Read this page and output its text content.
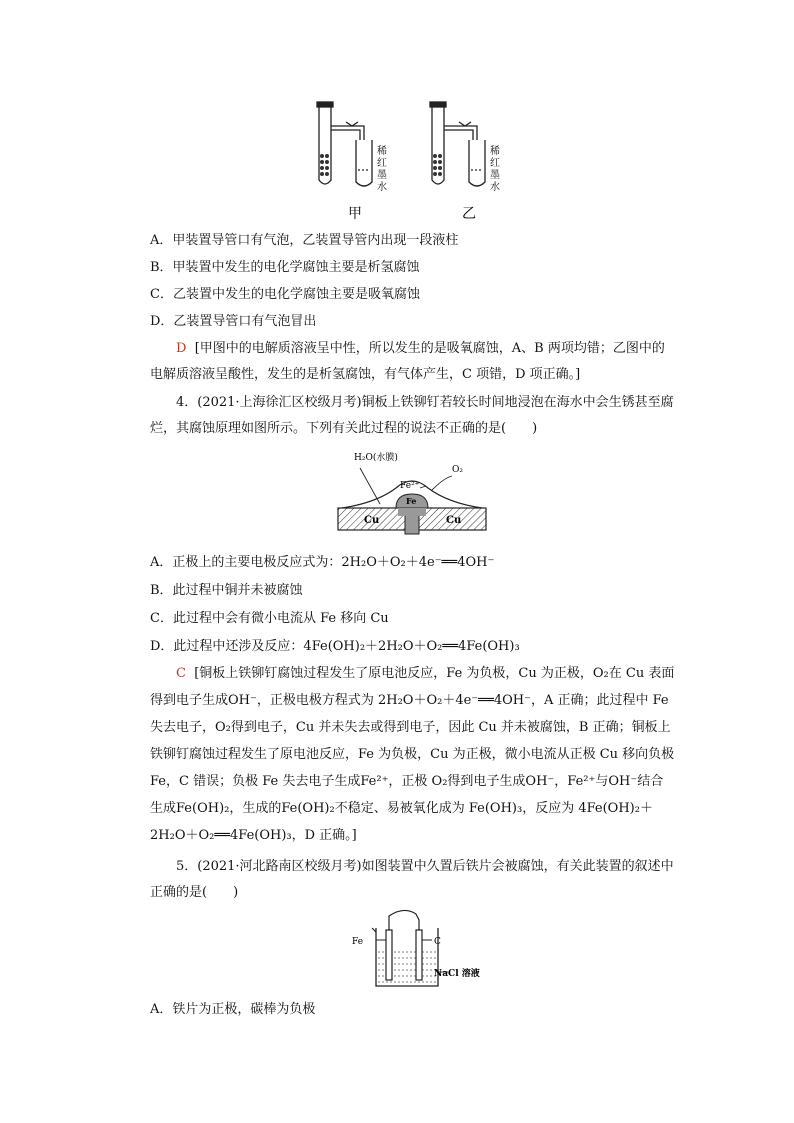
稀
红
墨
水
稀
红
墨
水
甲	乙
A．甲装置导管口有气泡，乙装置导管内出现一段液柱
B．甲装置中发生的电化学腐蚀主要是析氢腐蚀
C．乙装置中发生的电化学腐蚀主要是吸氧腐蚀
D．乙装置导管口有气泡冒出
D [甲图中的电解质溶液呈中性，所以发生的是吸氧腐蚀，A、B 两项均错；乙图中的电解质溶液呈酸性，发生的是析氢腐蚀，有气体产生，C 项错，D 项正确。]
4．(2021·上海徐汇区校级月考)铜板上铁铆钉若较长时间地浸泡在海水中会生锈甚至腐烂，其腐蚀原理如图所示。下列有关此过程的说法不正确的是(　　)
H₂O(水膜)
O₂
Fe²⁺
Fe
Cu	Cu
A．正极上的主要电极反应式为：2H₂O＋O₂＋4e⁻══4OH⁻
B．此过程中铜并未被腐蚀
C．此过程中会有微小电流从 Fe 移向 Cu
D．此过程中还涉及反应：4Fe(OH)₂＋2H₂O＋O₂══4Fe(OH)₃
C [铜板上铁铆钉腐蚀过程发生了原电池反应，Fe 为负极，Cu 为正极，O₂在 Cu 表面得到电子生成OH⁻，正极电极方程式为 2H₂O＋O₂＋4e⁻══4OH⁻，A 正确；此过程中 Fe 失去电子，O₂得到电子，Cu 并未失去或得到电子，因此 Cu 并未被腐蚀，B 正确；铜板上铁铆钉腐蚀过程发生了原电池反应，Fe 为负极，Cu 为正极，微小电流从正极 Cu 移向负极 Fe，C 错误；负极 Fe 失去电子生成Fe²⁺，正极 O₂得到电子生成OH⁻，Fe²⁺与OH⁻结合生成Fe(OH)₂，生成的Fe(OH)₂不稳定、易被氧化成为 Fe(OH)₃，反应为 4Fe(OH)₂＋2H₂O＋O₂══4Fe(OH)₃，D 正确。]
5．(2021·河北路南区校级月考)如图装置中久置后铁片会被腐蚀，有关此装置的叙述中正确的是(　　)
Fe	C
NaCl 溶液
A．铁片为正极，碳棒为负极
